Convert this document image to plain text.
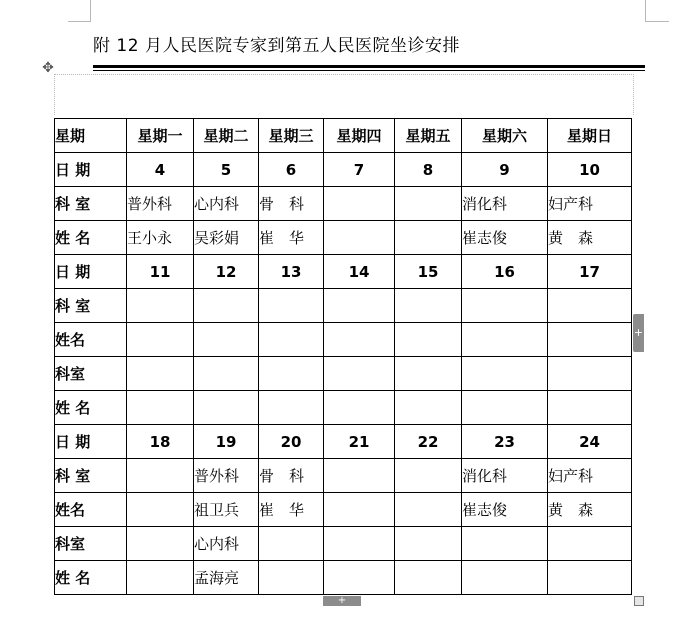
附 12 月人民医院专家到第五人民医院坐诊安排
✥
星期	星期一	星期二	星期三	星期四	星期五	星期六	星期日
日 期	4	5	6	7	8	9	10
科 室	普外科	心内科	骨　科			消化科	妇产科
姓 名	王小永	吴彩娟	崔　华			崔志俊	黄　森
日 期	11	12	13	14	15	16	17
科 室							
姓名							
科室							
姓 名							
日 期	18	19	20	21	22	23	24
科 室		普外科	骨　科			消化科	妇产科
姓名		祖卫兵	崔　华			崔志俊	黄　森
科室		心内科					
姓 名		孟海亮					
+
+
